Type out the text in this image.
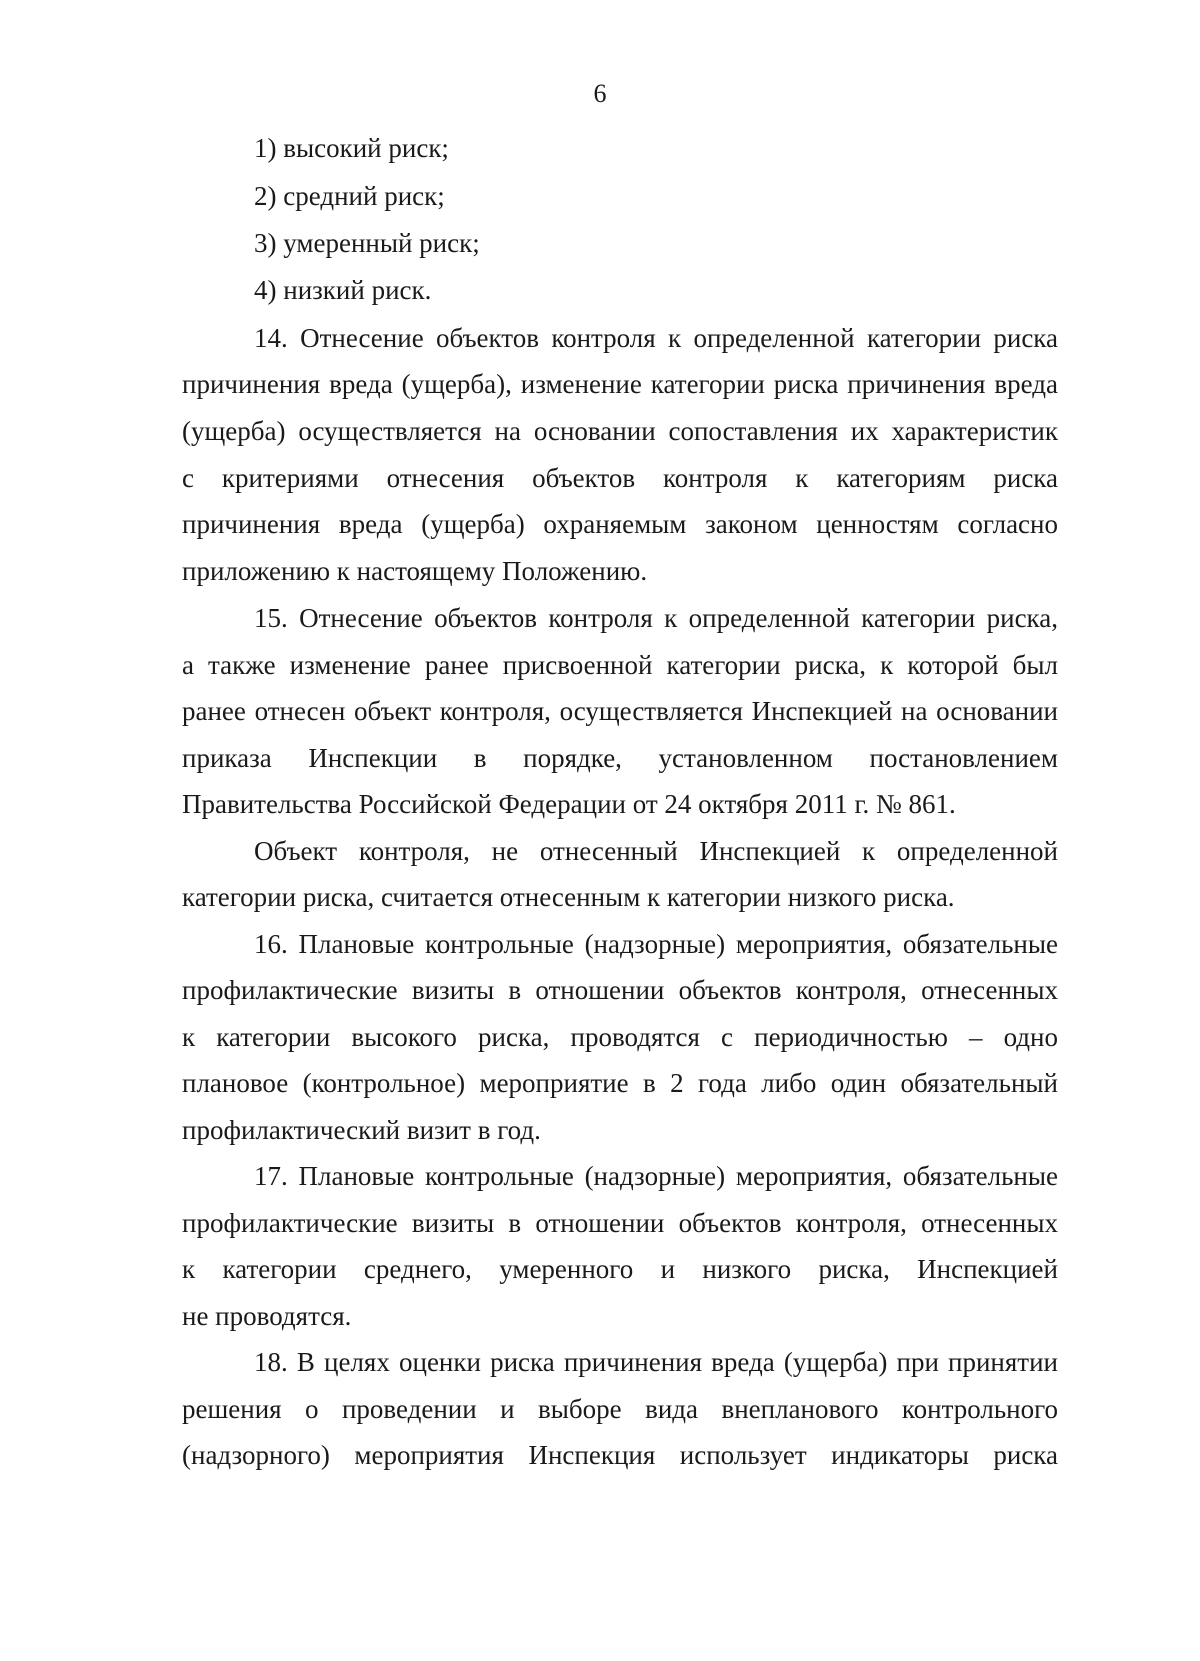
6
1) высокий риск;
2) средний риск;
3) умеренный риск;
4) низкий риск.
14. Отнесение объектов контроля к определенной категории риска
причинения вреда (ущерба), изменение категории риска причинения вреда
(ущерба) осуществляется на основании сопоставления их характеристик
с критериями отнесения объектов контроля к категориям риска
причинения вреда (ущерба) охраняемым законом ценностям согласно
приложению к настоящему Положению.
15. Отнесение объектов контроля к определенной категории риска,
а также изменение ранее присвоенной категории риска, к которой был
ранее отнесен объект контроля, осуществляется Инспекцией на основании
приказа Инспекции в порядке, установленном постановлением
Правительства Российской Федерации от 24 октября 2011 г. № 861.
Объект контроля, не отнесенный Инспекцией к определенной
категории риска, считается отнесенным к категории низкого риска.
16. Плановые контрольные (надзорные) мероприятия, обязательные
профилактические визиты в отношении объектов контроля, отнесенных
к категории высокого риска, проводятся с периодичностью – одно
плановое (контрольное) мероприятие в 2 года либо один обязательный
профилактический визит в год.
17. Плановые контрольные (надзорные) мероприятия, обязательные
профилактические визиты в отношении объектов контроля, отнесенных
к категории среднего, умеренного и низкого риска, Инспекцией
не проводятся.
18. В целях оценки риска причинения вреда (ущерба) при принятии
решения о проведении и выборе вида внепланового контрольного
(надзорного) мероприятия Инспекция использует индикаторы риска
